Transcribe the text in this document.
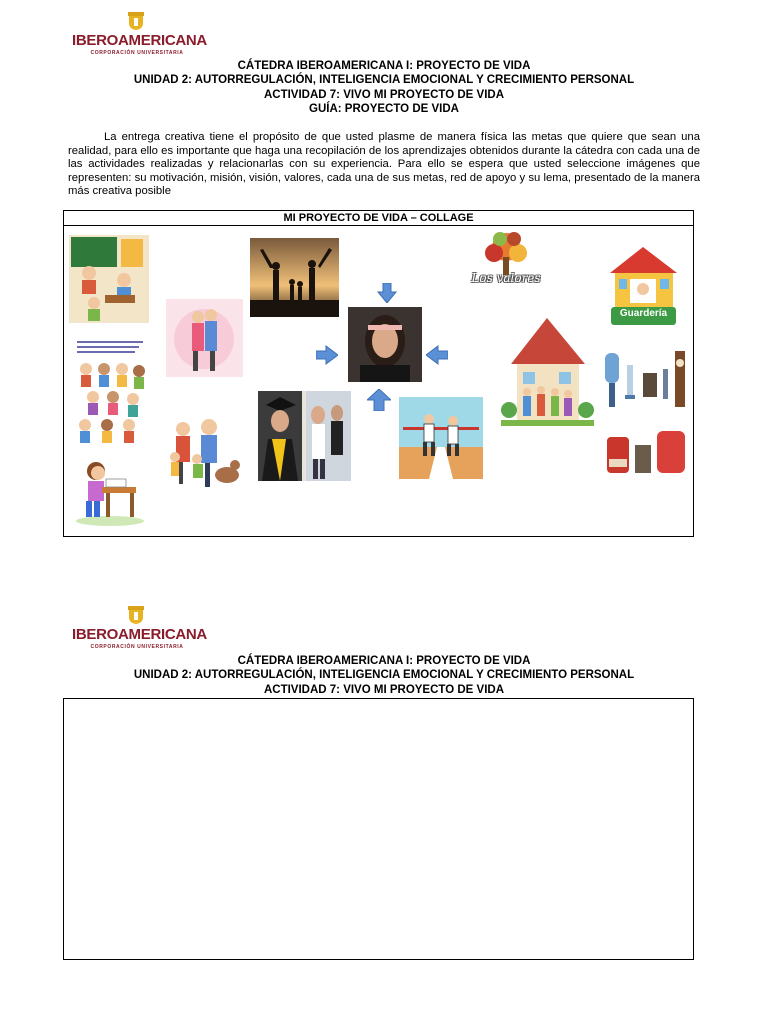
IBEROAMERICANA
CORPORACIÓN UNIVERSITARIA
CÁTEDRA IBEROAMERICANA I: PROYECTO DE VIDA
UNIDAD 2: AUTORREGULACIÓN, INTELIGENCIA EMOCIONAL Y CRECIMIENTO PERSONAL
ACTIVIDAD 7: VIVO MI PROYECTO DE VIDA
GUÍA: PROYECTO DE VIDA

La entrega creativa tiene el propósito de que usted plasme de manera física las metas que quiere que sean una realidad, para ello es importante que haga una recopilación de los aprendizajes obtenidos durante la cátedra con cada una de las actividades realizadas y relacionarlas con su experiencia. Para ello se espera que usted seleccione imágenes que representen: su motivación, misión, visión, valores, cada una de sus metas, red de apoyo y su lema, presentado de la manera más creativa posible

MI PROYECTO DE VIDA – COLLAGE
Los valores
Guardería
IBEROAMERICANA
CORPORACIÓN UNIVERSITARIA
CÁTEDRA IBEROAMERICANA I: PROYECTO DE VIDA
UNIDAD 2: AUTORREGULACIÓN, INTELIGENCIA EMOCIONAL Y CRECIMIENTO PERSONAL
ACTIVIDAD 7: VIVO MI PROYECTO DE VIDA
